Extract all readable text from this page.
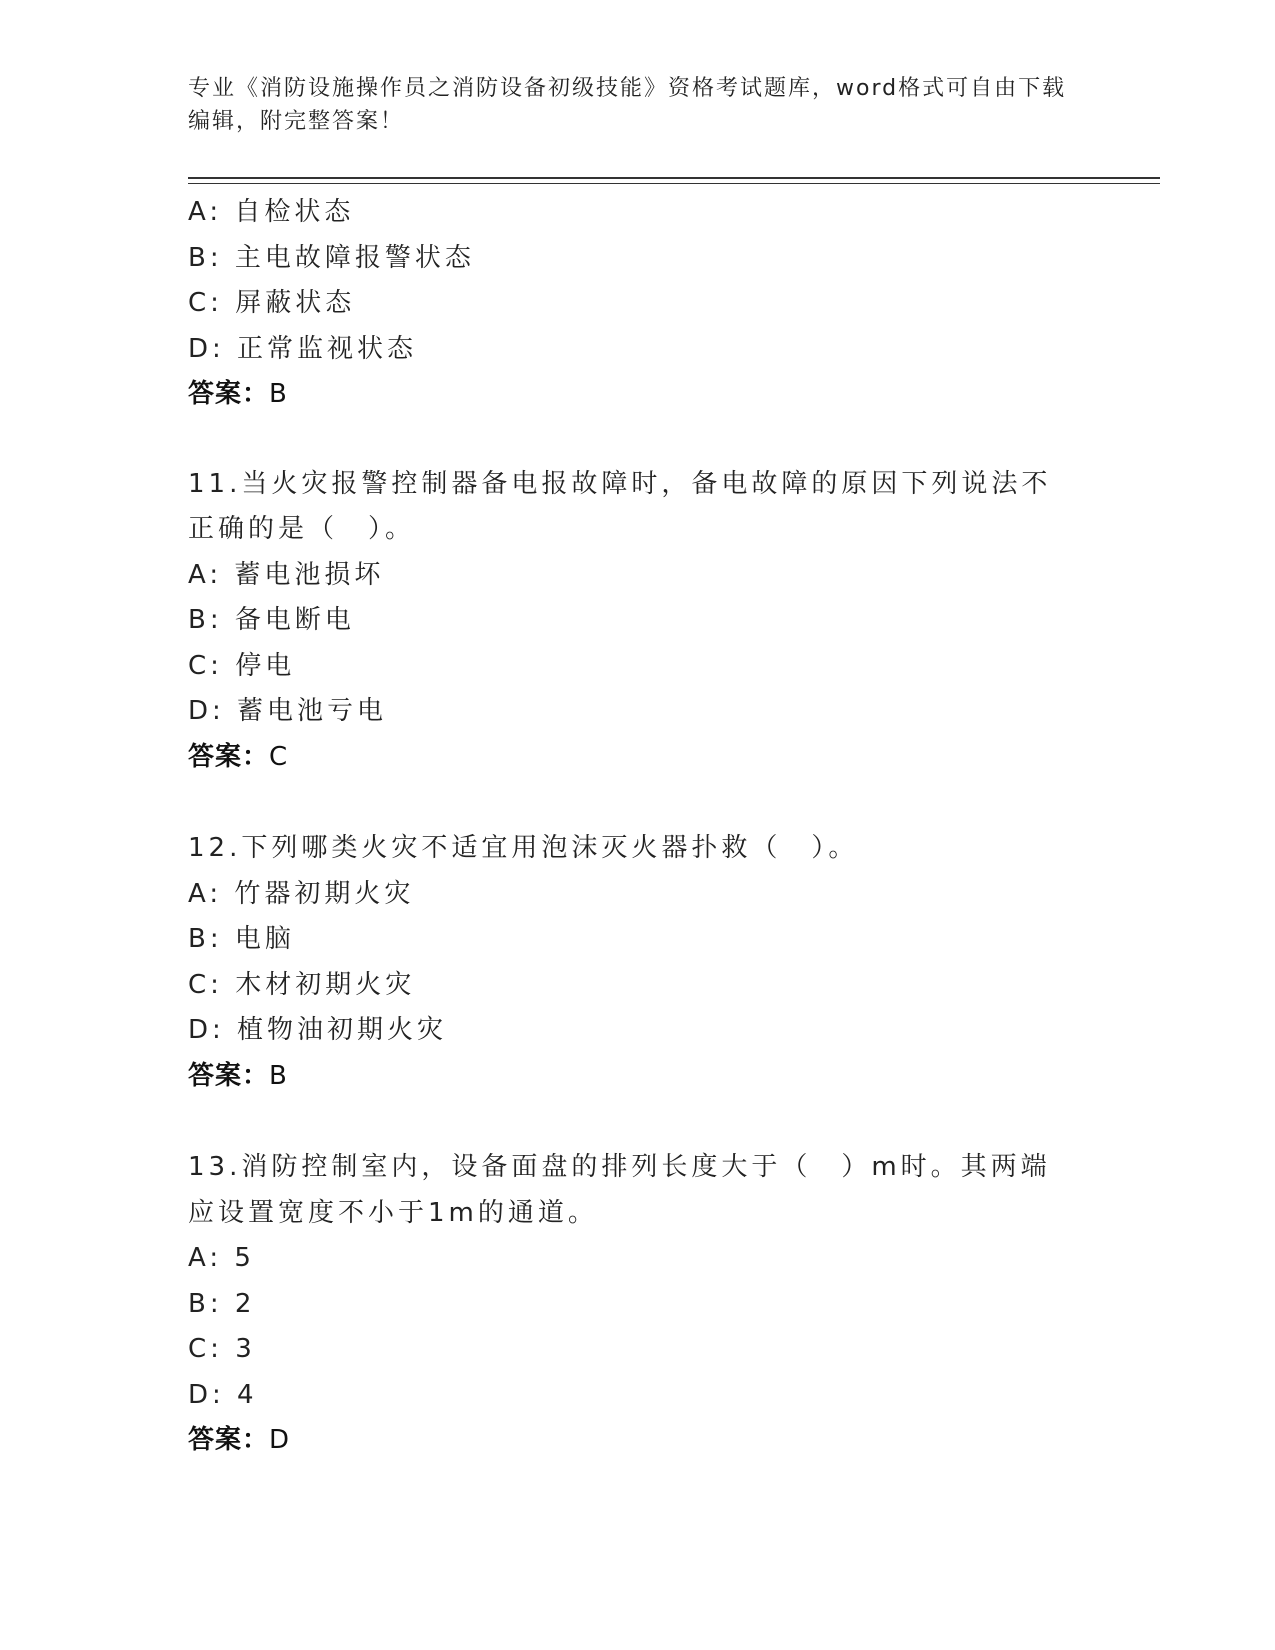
专业《消防设施操作员之消防设备初级技能》资格考试题库，word格式可自由下载编辑，附完整答案！
A: 自检状态
B: 主电故障报警状态
C: 屏蔽状态
D: 正常监视状态
答案：B
11.当火灾报警控制器备电报故障时，备电故障的原因下列说法不正确的是（　）。
A: 蓄电池损坏
B: 备电断电
C: 停电
D: 蓄电池亏电
答案：C
12.下列哪类火灾不适宜用泡沫灭火器扑救（　）。
A: 竹器初期火灾
B: 电脑
C: 木材初期火灾
D: 植物油初期火灾
答案：B
13.消防控制室内，设备面盘的排列长度大于（　）m时。其两端应设置宽度不小于1m的通道。
A: 5
B: 2
C: 3
D: 4
答案：D
